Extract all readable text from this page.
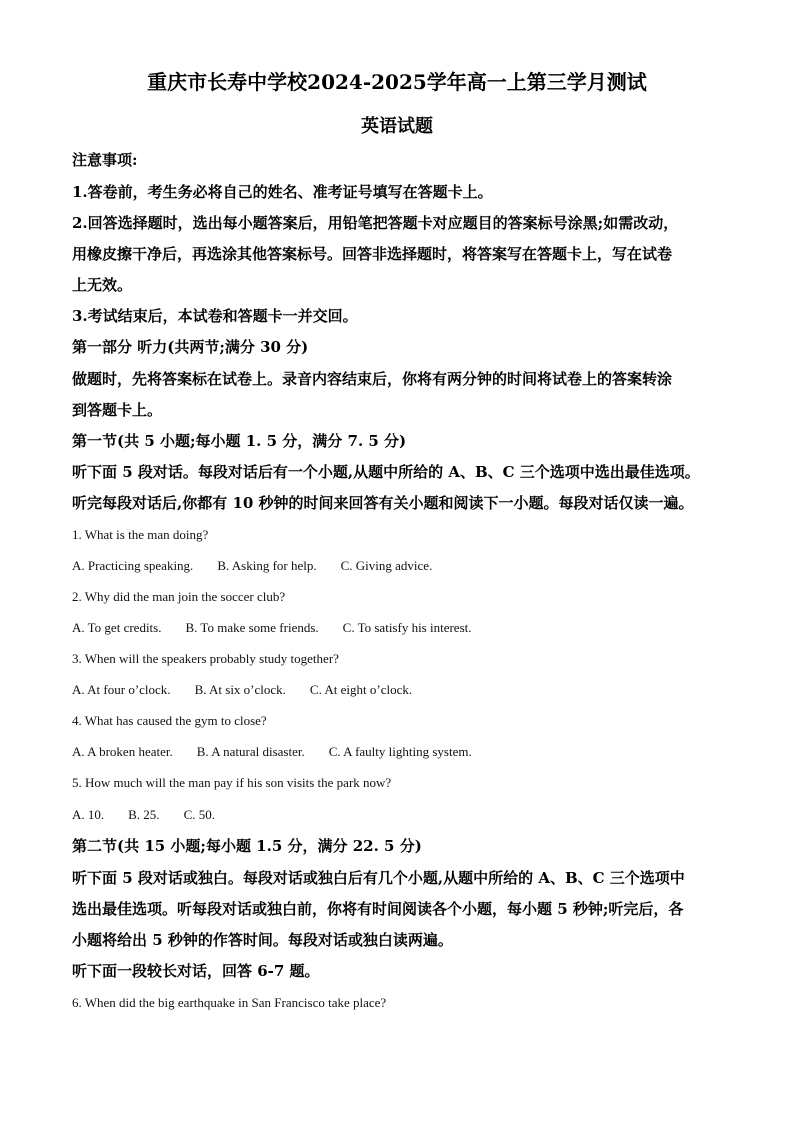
重庆市长寿中学校2024-2025学年高一上第三学月测试
英语试题
注意事项:
1.答卷前，考生务必将自己的姓名、准考证号填写在答题卡上。
2.回答选择题时，选出每小题答案后，用铅笔把答题卡对应题目的答案标号涂黑;如需改动，
用橡皮擦干净后，再选涂其他答案标号。回答非选择题时，将答案写在答题卡上，写在试卷
上无效。
3.考试结束后，本试卷和答题卡一并交回。
第一部分 听力(共两节;满分 30 分)
做题时，先将答案标在试卷上。录音内容结束后，你将有两分钟的时间将试卷上的答案转涂
到答题卡上。
第一节(共 5 小题;每小题 1. 5 分，满分 7. 5 分)
听下面 5 段对话。每段对话后有一个小题,从题中所给的 A、B、C 三个选项中选出最佳选项。
听完每段对话后,你都有 10 秒钟的时间来回答有关小题和阅读下一小题。每段对话仅读一遍。
1. What is the man doing?
A. Practicing speaking. B. Asking for help. C. Giving advice.
2. Why did the man join the soccer club?
A. To get credits. B. To make some friends. C. To satisfy his interest.
3. When will the speakers probably study together?
A. At four o’clock. B. At six o’clock. C. At eight o’clock.
4. What has caused the gym to close?
A. A broken heater. B. A natural disaster. C. A faulty lighting system.
5. How much will the man pay if his son visits the park now?
A. 10. B. 25. C. 50.
第二节(共 15 小题;每小题 1.5 分，满分 22. 5 分)
听下面 5 段对话或独白。每段对话或独白后有几个小题,从题中所给的 A、B、C 三个选项中
选出最佳选项。听每段对话或独白前，你将有时间阅读各个小题，每小题 5 秒钟;听完后，各
小题将给出 5 秒钟的作答时间。每段对话或独白读两遍。
听下面一段较长对话，回答 6-7 题。
6. When did the big earthquake in San Francisco take place?
